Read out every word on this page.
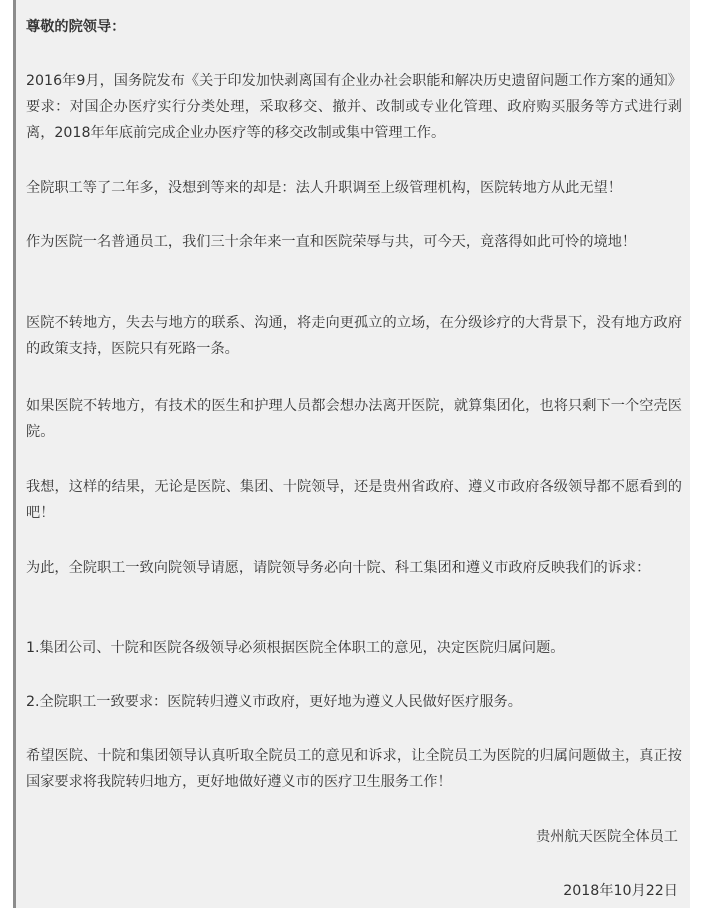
尊敬的院领导：

2016年9月，国务院发布《关于印发加快剥离国有企业办社会职能和解决历史遗留问题工作方案的通知》要求：对国企办医疗实行分类处理，采取移交、撤并、改制或专业化管理、政府购买服务等方式进行剥离，2018年年底前完成企业办医疗等的移交改制或集中管理工作。

全院职工等了二年多，没想到等来的却是：法人升职调至上级管理机构，医院转地方从此无望！

作为医院一名普通员工，我们三十余年来一直和医院荣辱与共，可今天，竟落得如此可怜的境地！

医院不转地方，失去与地方的联系、沟通，将走向更孤立的立场，在分级诊疗的大背景下，没有地方政府的政策支持，医院只有死路一条。

如果医院不转地方，有技术的医生和护理人员都会想办法离开医院，就算集团化，也将只剩下一个空壳医院。

我想，这样的结果，无论是医院、集团、十院领导，还是贵州省政府、遵义市政府各级领导都不愿看到的吧！

为此，全院职工一致向院领导请愿，请院领导务必向十院、科工集团和遵义市政府反映我们的诉求：

1.集团公司、十院和医院各级领导必须根据医院全体职工的意见，决定医院归属问题。

2.全院职工一致要求：医院转归遵义市政府，更好地为遵义人民做好医疗服务。

希望医院、十院和集团领导认真听取全院员工的意见和诉求，让全院员工为医院的归属问题做主，真正按国家要求将我院转归地方，更好地做好遵义市的医疗卫生服务工作！

贵州航天医院全体员工
2018年10月22日
